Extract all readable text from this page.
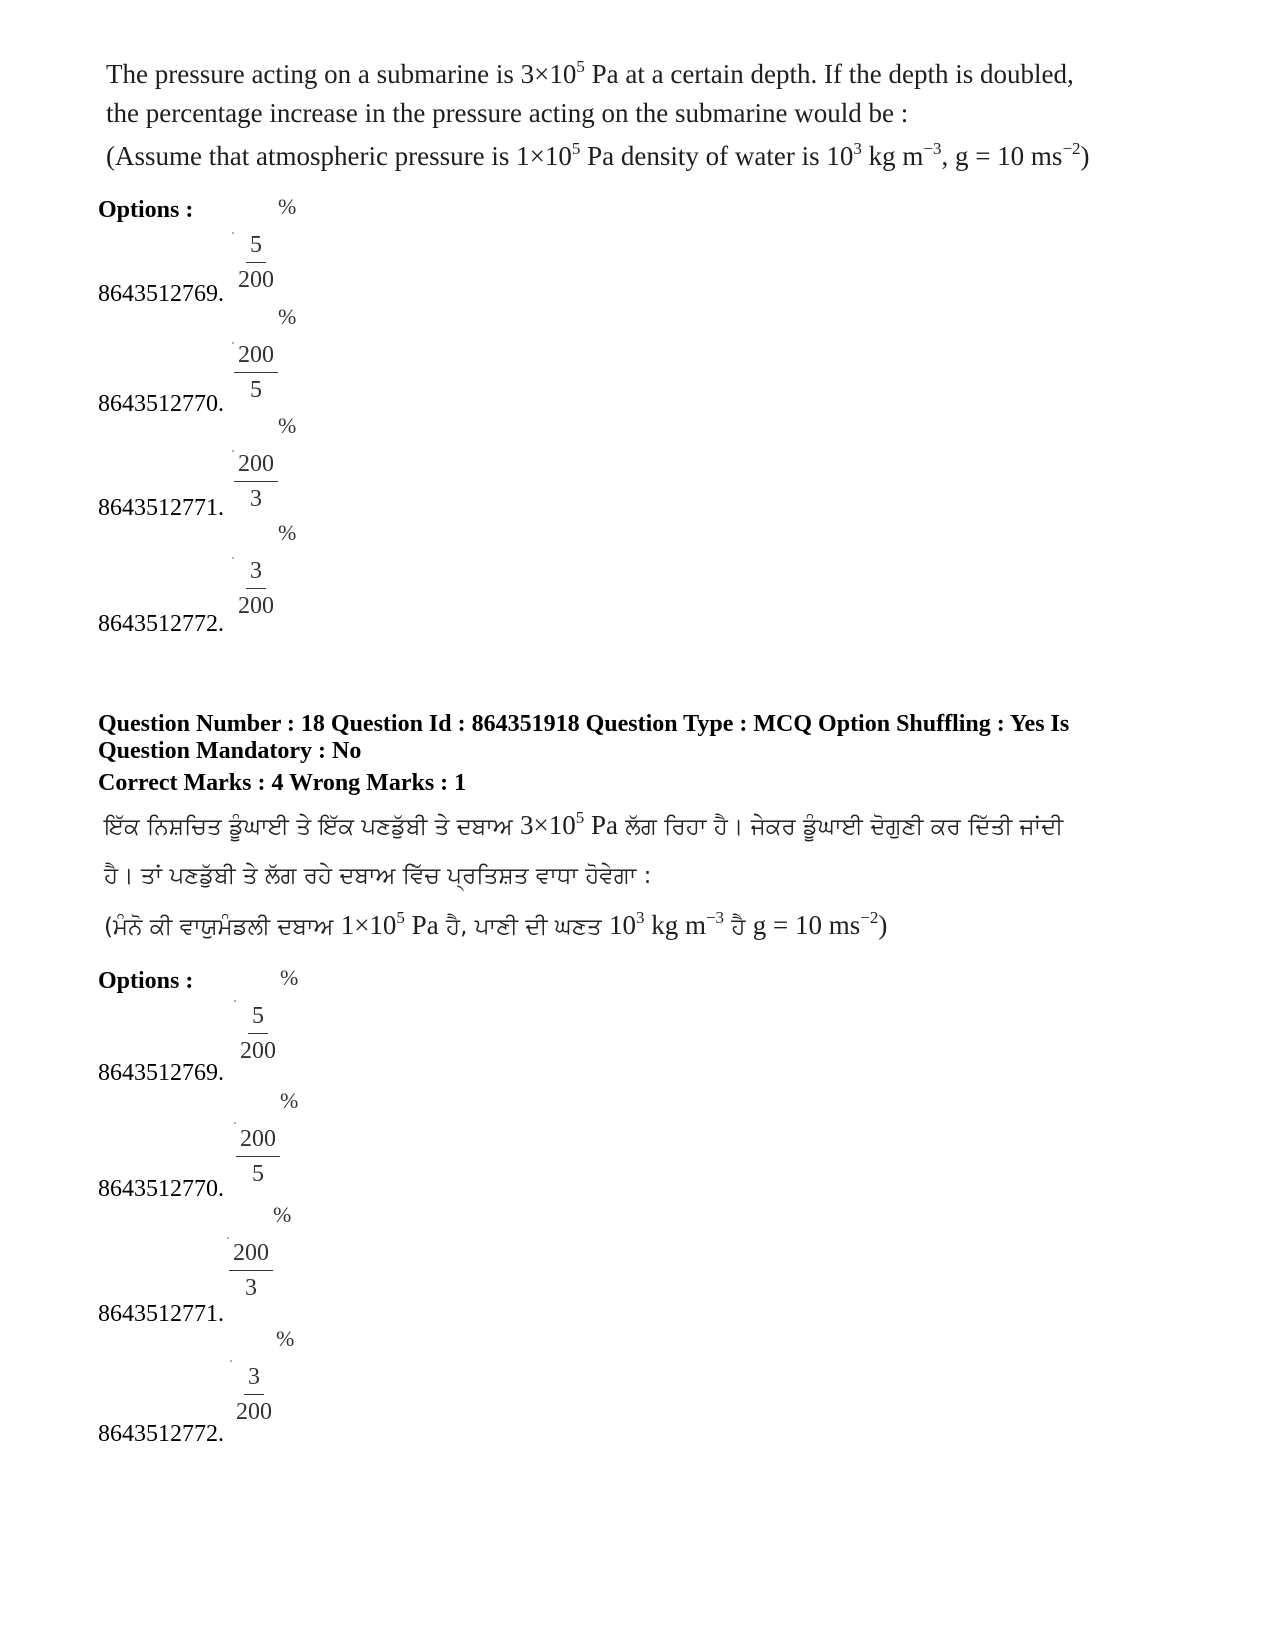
The pressure acting on a submarine is $3\times 10^5$ Pa at a certain depth. If the depth is doubled,
the percentage increase in the pressure acting on the submarine would be :
(Assume that atmospheric pressure is $1\times 10^5$ Pa density of water is $10^3$ kg $m^{-3}$, g = 10 $ms^{-2}$)
Options :
$\frac{5}{200}$
%
8643512769.
$\frac{200}{5}$
%
8643512770.
$\frac{200}{3}$
%
8643512771.
$\frac{3}{200}$
%
8643512772.
Question Number : 18 Question Id : 864351918 Question Type : MCQ Option Shuffling : Yes Is
Question Mandatory : No
Correct Marks : 4 Wrong Marks : 1
ਇੱਕ ਨਿਸ਼ਚਿਤ ਡੂੰਘਾਈ ਤੇ ਇੱਕ ਪਣਡੁੱਬੀ ਤੇ ਦਬਾਅ $3\times 10^5$ Pa ਲੱਗ ਰਿਹਾ ਹੈ। ਜੇਕਰ ਡੂੰਘਾਈ ਦੋਗੁਣੀ ਕਰ ਦਿੱਤੀ ਜਾਂਦੀ
ਹੈ। ਤਾਂ ਪਣਡੁੱਬੀ ਤੇ ਲੱਗ ਰਹੇ ਦਬਾਅ ਵਿੱਚ ਪ੍ਰਤਿਸ਼ਤ ਵਾਧਾ ਹੋਵੇਗਾ :
(ਮੰਨੋ ਕੀ ਵਾਯੁਮੰਡਲੀ ਦਬਾਅ $1\times 10^5$ Pa ਹੈ, ਪਾਣੀ ਦੀ ਘਣਤ $10^3$ kg $m^{-3}$ ਹੈ g = 10 $ms^{-2}$)
Options :
$\frac{5}{200}$
%
8643512769.
$\frac{200}{5}$
%
8643512770.
$\frac{200}{3}$
%
8643512771.
$\frac{3}{200}$
%
8643512772.
